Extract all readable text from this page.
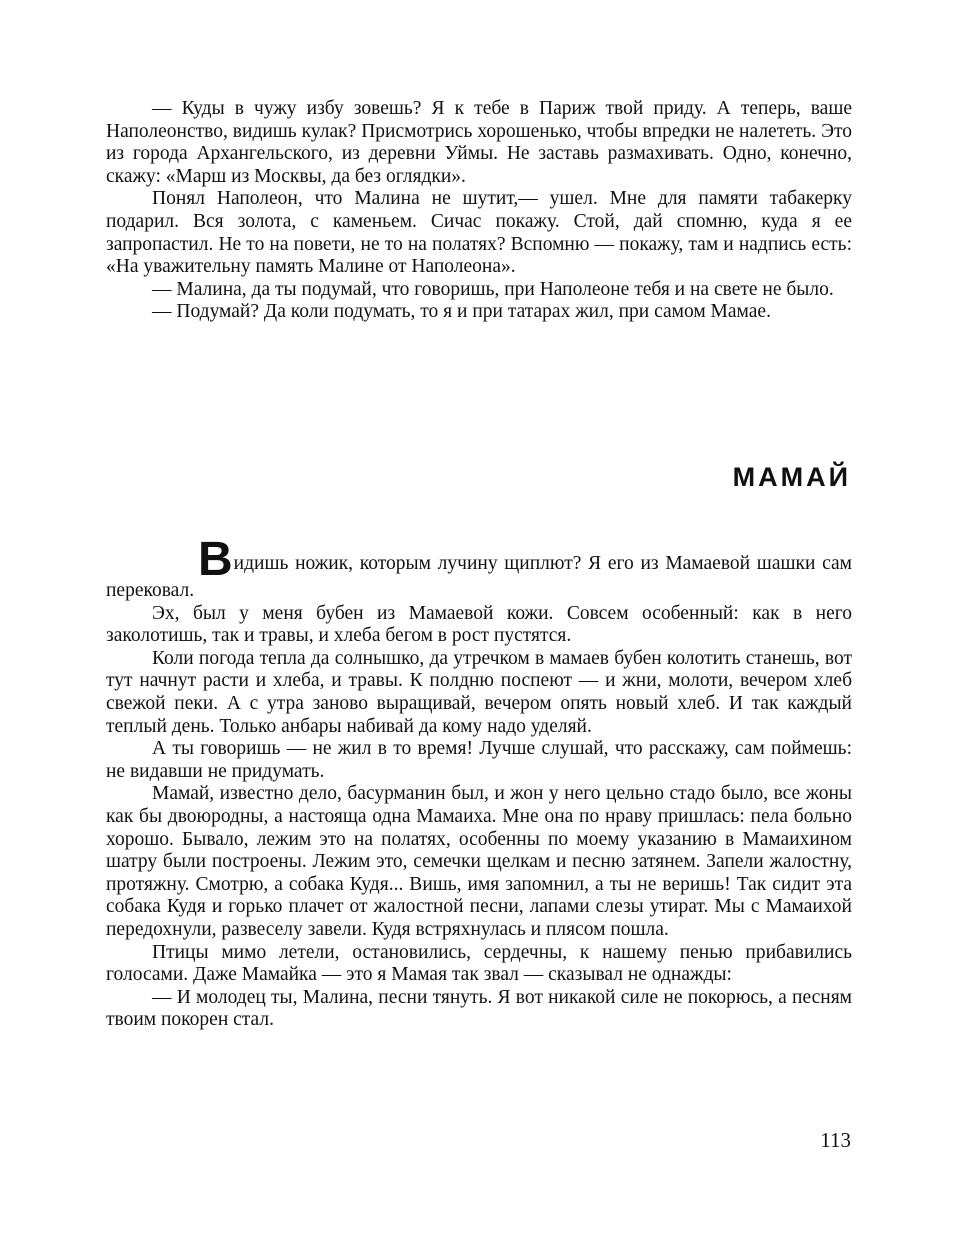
— Куды в чужу избу зовешь? Я к тебе в Париж твой приду. А теперь, ваше Наполеонство, видишь кулак? Присмотрись хорошенько, чтобы впредки не налететь. Это из города Архангельского, из деревни Уймы. Не заставь размахивать. Одно, конечно, скажу: «Марш из Москвы, да без оглядки».

Понял Наполеон, что Малина не шутит,— ушел. Мне для памяти табакерку подарил. Вся золота, с каменьем. Сичас покажу. Стой, дай спомню, куда я ее запропастил. Не то на повети, не то на полатях? Вспомню — покажу, там и надпись есть: «На уважительну память Малине от Наполеона».

— Малина, да ты подумай, что говоришь, при Наполеоне тебя и на свете не было.

— Подумай? Да коли подумать, то я и при татарах жил, при самом Мамае.

МАМАЙ

Видишь ножик, которым лучину щиплют? Я его из Мамаевой шашки сам перековал.

Эх, был у меня бубен из Мамаевой кожи. Совсем особенный: как в него заколотишь, так и травы, и хлеба бегом в рост пустятся.

Коли погода тепла да солнышко, да утречком в мамаев бубен колотить станешь, вот тут начнут расти и хлеба, и травы. К полдню поспеют — и жни, молоти, вечером хлеб свежой пеки. А с утра заново выращивай, вечером опять новый хлеб. И так каждый теплый день. Только анбары набивай да кому надо уделяй.

А ты говоришь — не жил в то время! Лучше слушай, что расскажу, сам поймешь: не видавши не придумать.

Мамай, известно дело, басурманин был, и жон у него цельно стадо было, все жоны как бы двоюродны, а настояща одна Мамаиха. Мне она по нраву пришлась: пела больно хорошо. Бывало, лежим это на полатях, особенны по моему указанию в Мамаихином шатру были построены. Лежим это, семечки щелкам и песню затянем. Запели жалостну, протяжну. Смотрю, а собака Кудя... Вишь, имя запомнил, а ты не веришь! Так сидит эта собака Кудя и горько плачет от жалостной песни, лапами слезы утират. Мы с Мамаихой передохнули, развеселу завели. Кудя встряхнулась и плясом пошла.

Птицы мимо летели, остановились, сердечны, к нашему пенью прибавились голосами. Даже Мамайка — это я Мамая так звал — сказывал не однажды:

— И молодец ты, Малина, песни тянуть. Я вот никакой силе не покорюсь, а песням твоим покорен стал.

113
